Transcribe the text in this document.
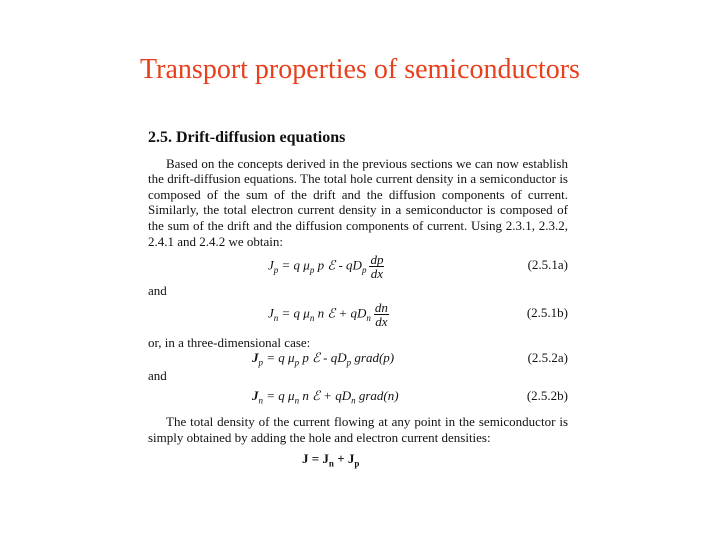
Transport properties of semiconductors
2.5. Drift-diffusion equations

Based on the concepts derived in the previous sections we can now establish the drift-diffusion equations. The total hole current density in a semiconductor is composed of the sum of the drift and the diffusion components of current. Similarly, the total electron current density in a semiconductor is composed of the sum of the drift and the diffusion components of current. Using 2.3.1, 2.3.2, 2.4.1 and 2.4.2 we obtain:

$J_p = q$ $\mu_p$ p ℰ - $qD_p \frac{dp}{dx}$	(2.5.1a)

and

$J_n = q$ $\mu_n$ n ℰ + $qD_n \frac{dn}{dx}$	(2.5.1b)

or, in a three-dimensional case:

$J_p = q$ $\mu_p$ p ℰ - $qD_p$ grad(p)	(2.5.2a)

and

$J_n = q$ $\mu_n$ n ℰ + $qD_n$ grad(n)	(2.5.2b)

The total density of the current flowing at any point in the semiconductor is simply obtained by adding the hole and electron current densities:

$J = J_n + J_p$
